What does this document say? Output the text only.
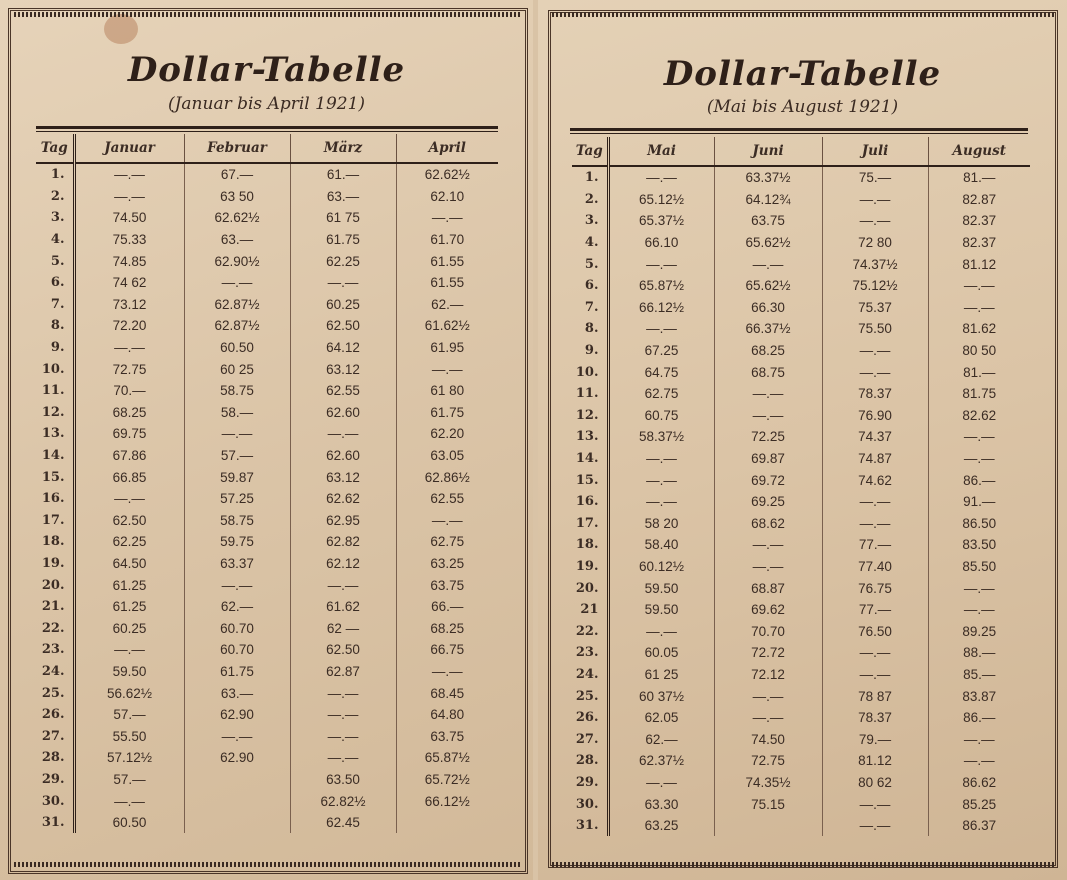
Dollar-Tabelle
(Januar bis April 1921)
Tag	Januar	Februar	März	April
1.	—.—	67.—	61.—	62.62½
2.	—.—	63 50	63.—	62.10
3.	74.50	62.62½	61 75	—.—
4.	75.33	63.—	61.75	61.70
5.	74.85	62.90½	62.25	61.55
6.	74 62	—.—	—.—	61.55
7.	73.12	62.87½	60.25	62.—
8.	72.20	62.87½	62.50	61.62½
9.	—.—	60.50	64.12	61.95
10.	72.75	60 25	63.12	—.—
11.	70.—	58.75	62.55	61 80
12.	68.25	58.—	62.60	61.75
13.	69.75	—.—	—.—	62.20
14.	67.86	57.—	62.60	63.05
15.	66.85	59.87	63.12	62.86½
16.	—.—	57.25	62.62	62.55
17.	62.50	58.75	62.95	—.—
18.	62.25	59.75	62.82	62.75
19.	64.50	63.37	62.12	63.25
20.	61.25	—.—	—.—	63.75
21.	61.25	62.—	61.62	66.—
22.	60.25	60.70	62 —	68.25
23.	—.—	60.70	62.50	66.75
24.	59.50	61.75	62.87	—.—
25.	56.62½	63.—	—.—	68.45
26.	57.—	62.90	—.—	64.80
27.	55.50	—.—	—.—	63.75
28.	57.12½	62.90	—.—	65.87½
29.	57.—		63.50	65.72½
30.	—.—		62.82½	66.12½
31.	60.50		62.45	
Dollar-Tabelle
(Mai bis August 1921)
Tag	Mai	Juni	Juli	August
1.	—.—	63.37½	75.—	81.—
2.	65.12½	64.12¾	—.—	82.87
3.	65.37½	63.75	—.—	82.37
4.	66.10	65.62½	72 80	82.37
5.	—.—	—.—	74.37½	81.12
6.	65.87½	65.62½	75.12½	—.—
7.	66.12½	66.30	75.37	—.—
8.	—.—	66.37½	75.50	81.62
9.	67.25	68.25	—.—	80 50
10.	64.75	68.75	—.—	81.—
11.	62.75	—.—	78.37	81.75
12.	60.75	—.—	76.90	82.62
13.	58.37½	72.25	74.37	—.—
14.	—.—	69.87	74.87	—.—
15.	—.—	69.72	74.62	86.—
16.	—.—	69.25	—.—	91.—
17.	58 20	68.62	—.—	86.50
18.	58.40	—.—	77.—	83.50
19.	60.12½	—.—	77.40	85.50
20.	59.50	68.87	76.75	—.—
21	59.50	69.62	77.—	—.—
22.	—.—	70.70	76.50	89.25
23.	60.05	72.72	—.—	88.—
24.	61 25	72.12	—.—	85.—
25.	60 37½	—.—	78 87	83.87
26.	62.05	—.—	78.37	86.—
27.	62.—	74.50	79.—	—.—
28.	62.37½	72.75	81.12	—.—
29.	—.—	74.35½	80 62	86.62
30.	63.30	75.15	—.—	85.25
31.	63.25		—.—	86.37
